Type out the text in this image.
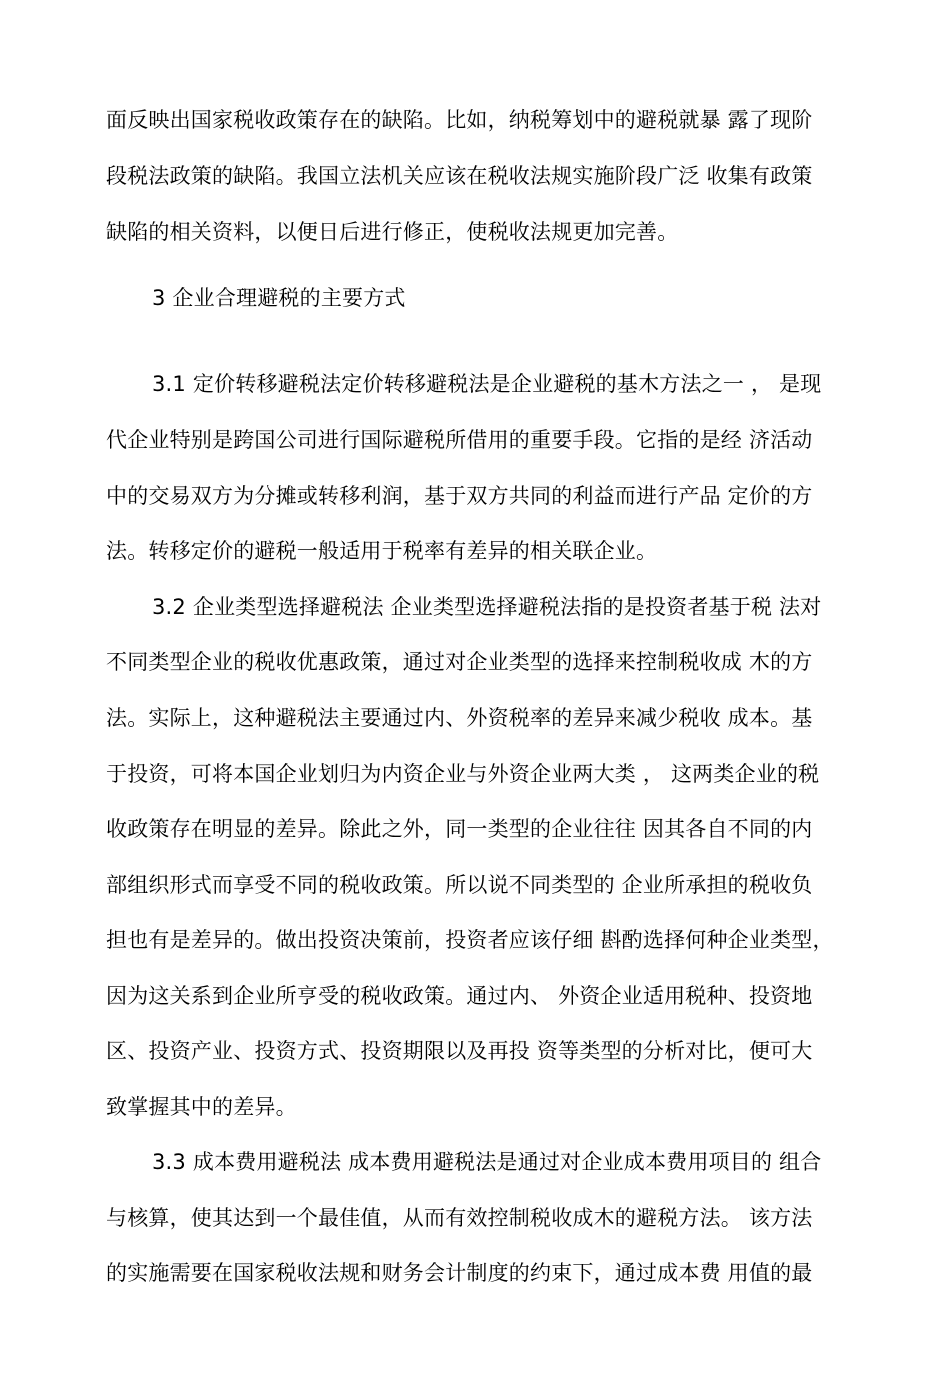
面反映出国家税收政策存在的缺陷。比如，纳税筹划中的避税就暴 露了现阶
段税法政策的缺陷。我国立法机关应该在税收法规实施阶段广泛 收集有政策
缺陷的相关资料，以便日后进行修正，使税收法规更加完善。
3 企业合理避税的主要方式
3.1 定价转移避税法定价转移避税法是企业避税的基木方法之一 ， 是现
代企业特别是跨国公司进行国际避税所借用的重要手段。它指的是经 济活动
中的交易双方为分摊或转移利润，基于双方共同的利益而进行产品 定价的方
法。转移定价的避税一般适用于税率有差异的相关联企业。
3.2 企业类型选择避税法 企业类型选择避税法指的是投资者基于税 法对
不同类型企业的税收优惠政策，通过对企业类型的选择来控制税收成 木的方
法。实际上，这种避税法主要通过内、外资税率的差异来减少税收 成本。基
于投资，可将本国企业划归为内资企业与外资企业两大类 ， 这两类企业的税
收政策存在明显的差异。除此之外，同一类型的企业往往 因其各自不同的内
部组织形式而享受不同的税收政策。所以说不同类型的 企业所承担的税收负
担也有是差异的。做出投资决策前，投资者应该仔细 斟酌选择何种企业类型，
因为这关系到企业所亨受的税收政策。通过内、 外资企业适用税种、投资地
区、投资产业、投资方式、投资期限以及再投 资等类型的分析对比，便可大
致掌握其中的差异。
3.3 成本费用避税法 成本费用避税法是通过对企业成本费用项目的 组合
与核算，使其达到一个最佳值，从而有效控制税收成木的避税方法。 该方法
的实施需要在国家税收法规和财务会计制度的约束下，通过成本费 用值的最
